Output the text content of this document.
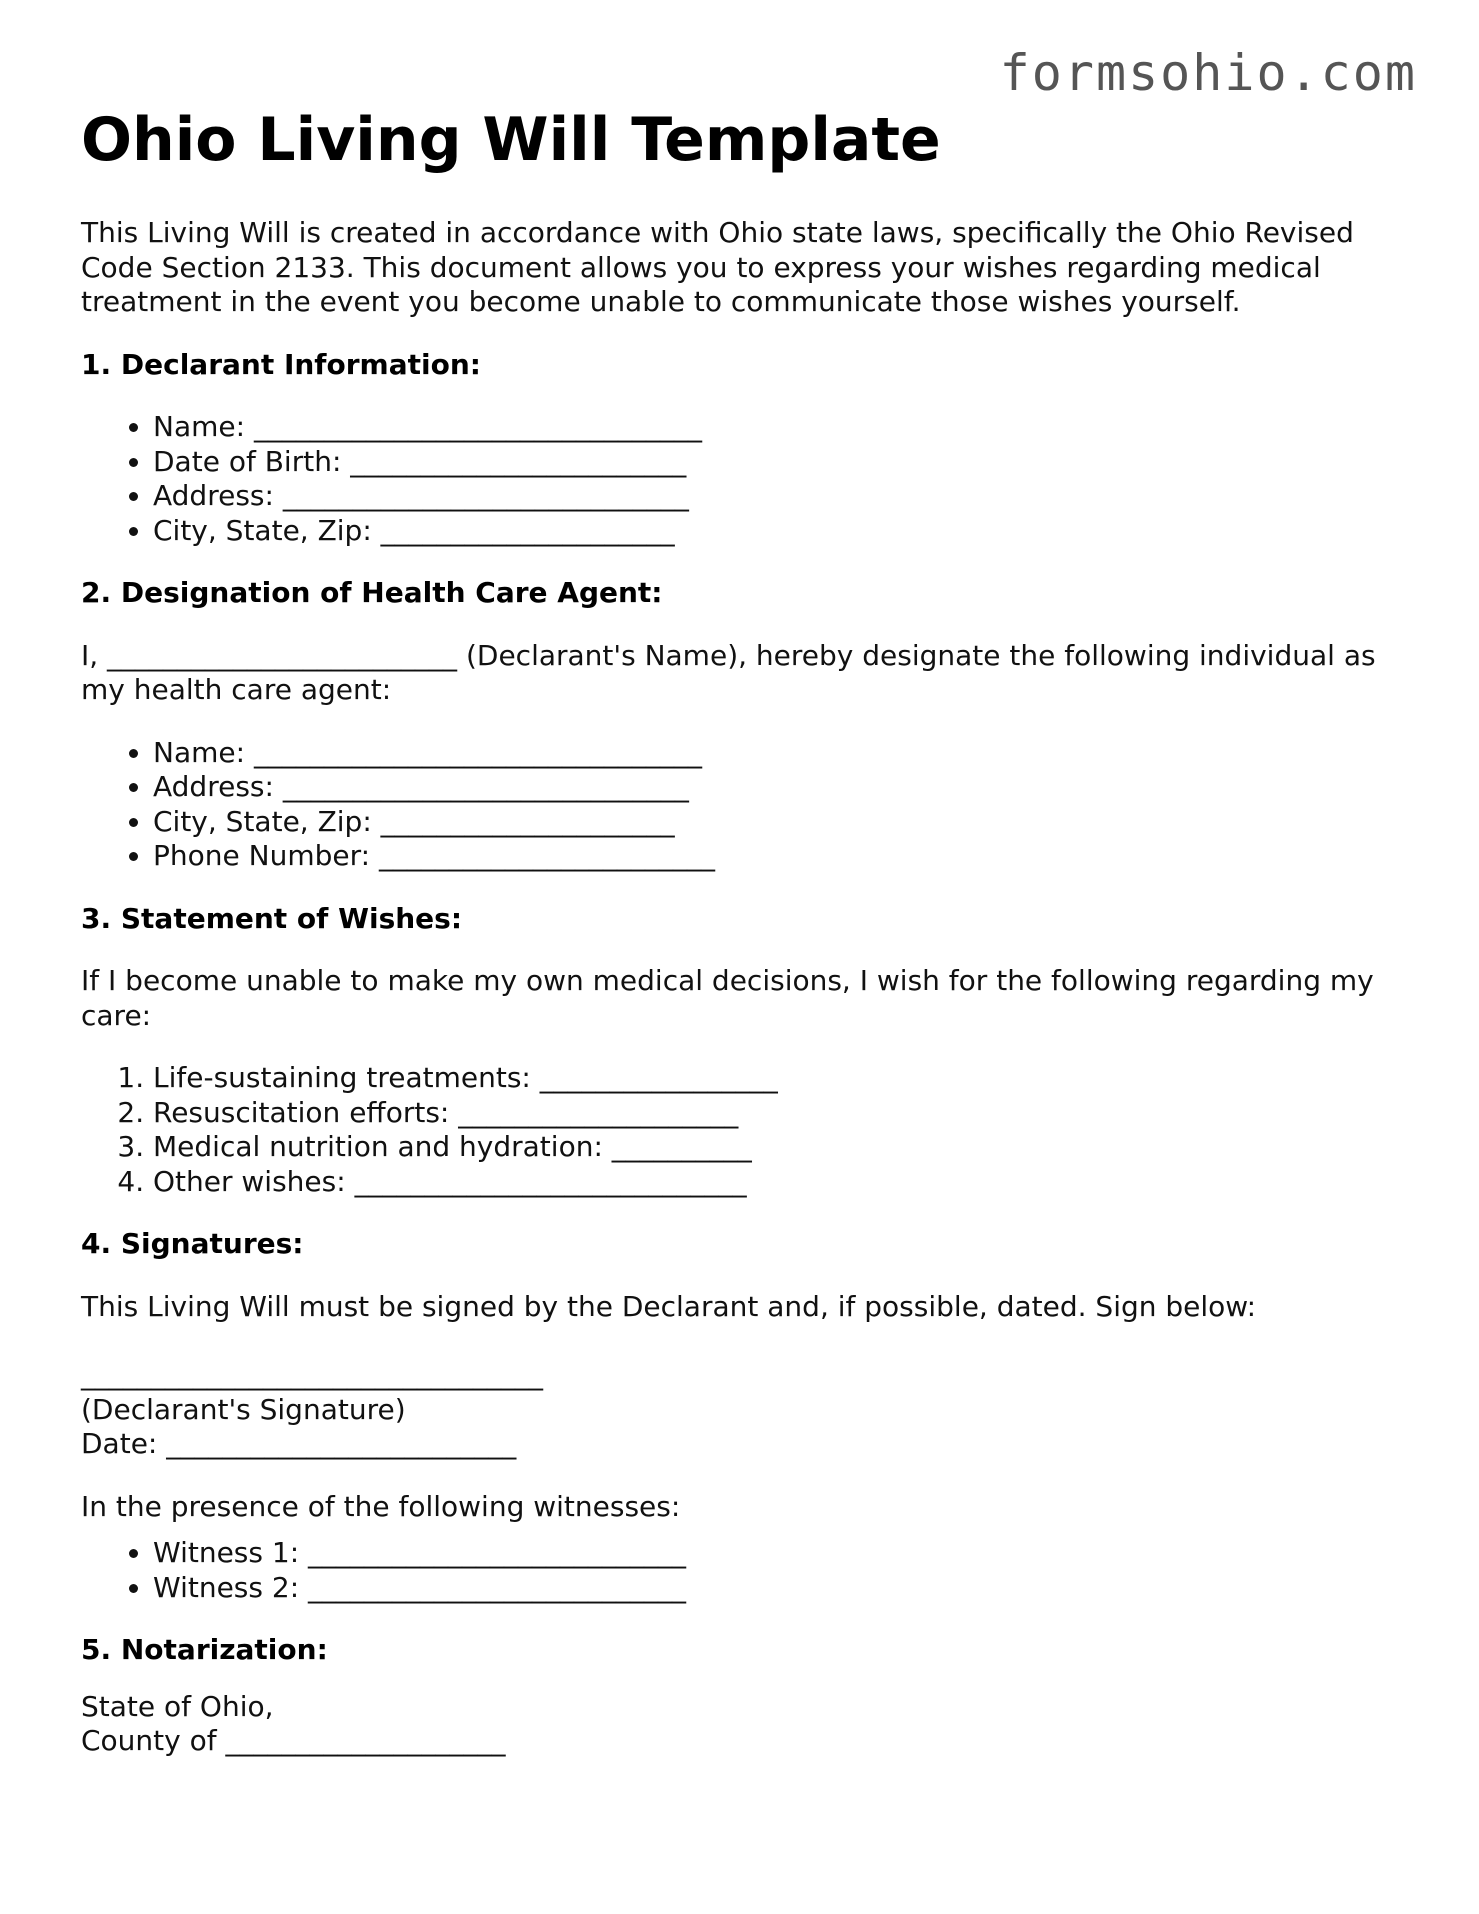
formsohio.com
Ohio Living Will Template

This Living Will is created in accordance with Ohio state laws, specifically the Ohio Revised Code Section 2133. This document allows you to express your wishes regarding medical treatment in the event you become unable to communicate those wishes yourself.

1. Declarant Information:
• Name: ________________________________
• Date of Birth: ________________________
• Address: _____________________________
• City, State, Zip: _____________________
2. Designation of Health Care Agent:

I, _________________________ (Declarant's Name), hereby designate the following individual as my health care agent:

• Name: ________________________________
• Address: _____________________________
• City, State, Zip: _____________________
• Phone Number: ________________________
3. Statement of Wishes:

If I become unable to make my own medical decisions, I wish for the following regarding my care:

1. Life-sustaining treatments: _________________
2. Resuscitation efforts: ____________________
3. Medical nutrition and hydration: __________
4. Other wishes: ____________________________
4. Signatures:

This Living Will must be signed by the Declarant and, if possible, dated. Sign below:

_________________________________
(Declarant's Signature)
Date: _________________________

In the presence of the following witnesses:

• Witness 1: ___________________________
• Witness 2: ___________________________
5. Notarization:
State of Ohio,
County of ____________________
